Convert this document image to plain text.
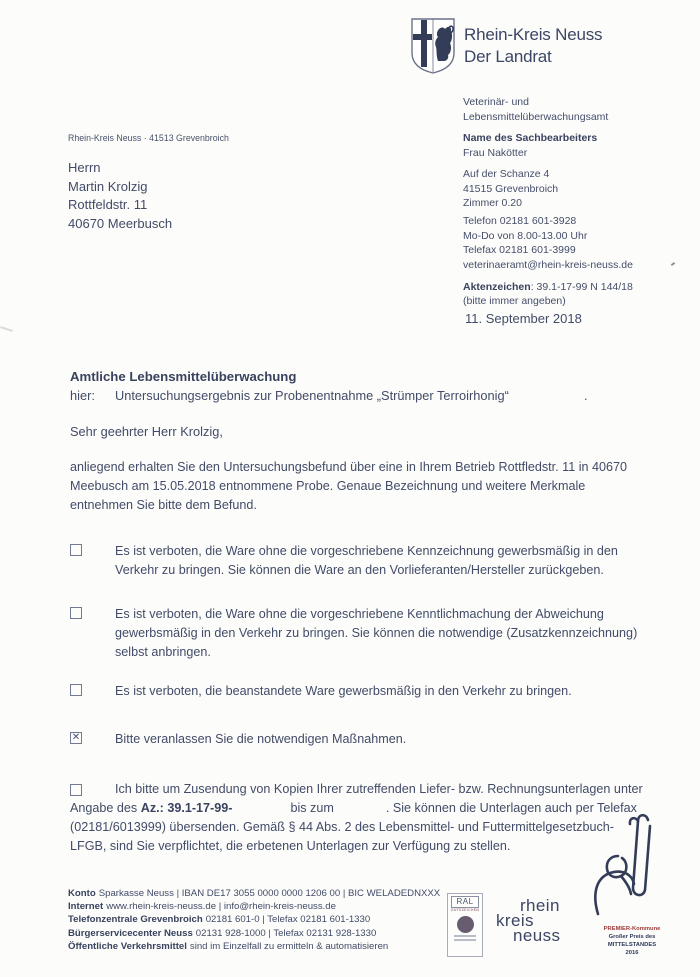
Rhein-Kreis Neuss
Der Landrat
Veterinär- und
Lebensmittelüberwachungsamt
Name des Sachbearbeiters
Frau Nakötter
Auf der Schanze 4
41515 Grevenbroich
Zimmer 0.20
Telefon 02181 601-3928
Mo-Do von 8.00-13.00 Uhr
Telefax 02181 601-3999
veterinaeramt@rhein-kreis-neuss.de
Aktenzeichen: 39.1-17-99 N 144/18
(bitte immer angeben)
11. September 2018
Rhein-Kreis Neuss · 41513 Grevenbroich
Herrn
Martin Krolzig
Rottfeldstr. 11
40670 Meerbusch
Amtliche Lebensmittelüberwachung
hier: Untersuchungsergebnis zur Probenentnahme „Strümper Terroirhonig“	.
Sehr geehrter Herr Krolzig,
anliegend erhalten Sie den Untersuchungsbefund über eine in Ihrem Betrieb Rottfledstr. 11 in 40670 Meebusch am 15.05.2018 entnommene Probe. Genaue Bezeichnung und weitere Merkmale entnehmen Sie bitte dem Befund.
Es ist verboten, die Ware ohne die vorgeschriebene Kennzeichnung gewerbsmäßig in den Verkehr zu bringen. Sie können die Ware an den Vorlieferanten/Hersteller zurückgeben.
Es ist verboten, die Ware ohne die vorgeschriebene Kenntlichmachung der Abweichung gewerbsmäßig in den Verkehr zu bringen. Sie können die notwendige (Zusatzkennzeichnung) selbst anbringen.
Es ist verboten, die beanstandete Ware gewerbsmäßig in den Verkehr zu bringen.
✕	Bitte veranlassen Sie die notwendigen Maßnahmen.
Ich bitte um Zusendung von Kopien Ihrer zutreffenden Liefer- bzw. Rechnungsunterlagen unter Angabe des Az.: 39.1-17-99-	bis zum	. Sie können die Unterlagen auch per Telefax (02181/6013999) übersenden. Gemäß § 44 Abs. 2 des Lebensmittel- und Futtermittelgesetzbuch-LFGB, sind Sie verpflichtet, die erbetenen Unterlagen zur Verfügung zu stellen.
Konto Sparkasse Neuss | IBAN DE17 3055 0000 0000 1206 00 | BIC WELADEDNXXX
Internet www.rhein-kreis-neuss.de | info@rhein-kreis-neuss.de
Telefonzentrale Grevenbroich 02181 601-0 | Telefax 02181 601-1330
Bürgerservicecenter Neuss 02131 928-1000 | Telefax 02131 928-1330
Öffentliche Verkehrsmittel sind im Einzelfall zu ermitteln & automatisieren
RAL
GÜTEZEICHEN rhein
kreis
neuss	PREMIER-Kommune
Großer Preis des
MITTELSTANDES
2016
